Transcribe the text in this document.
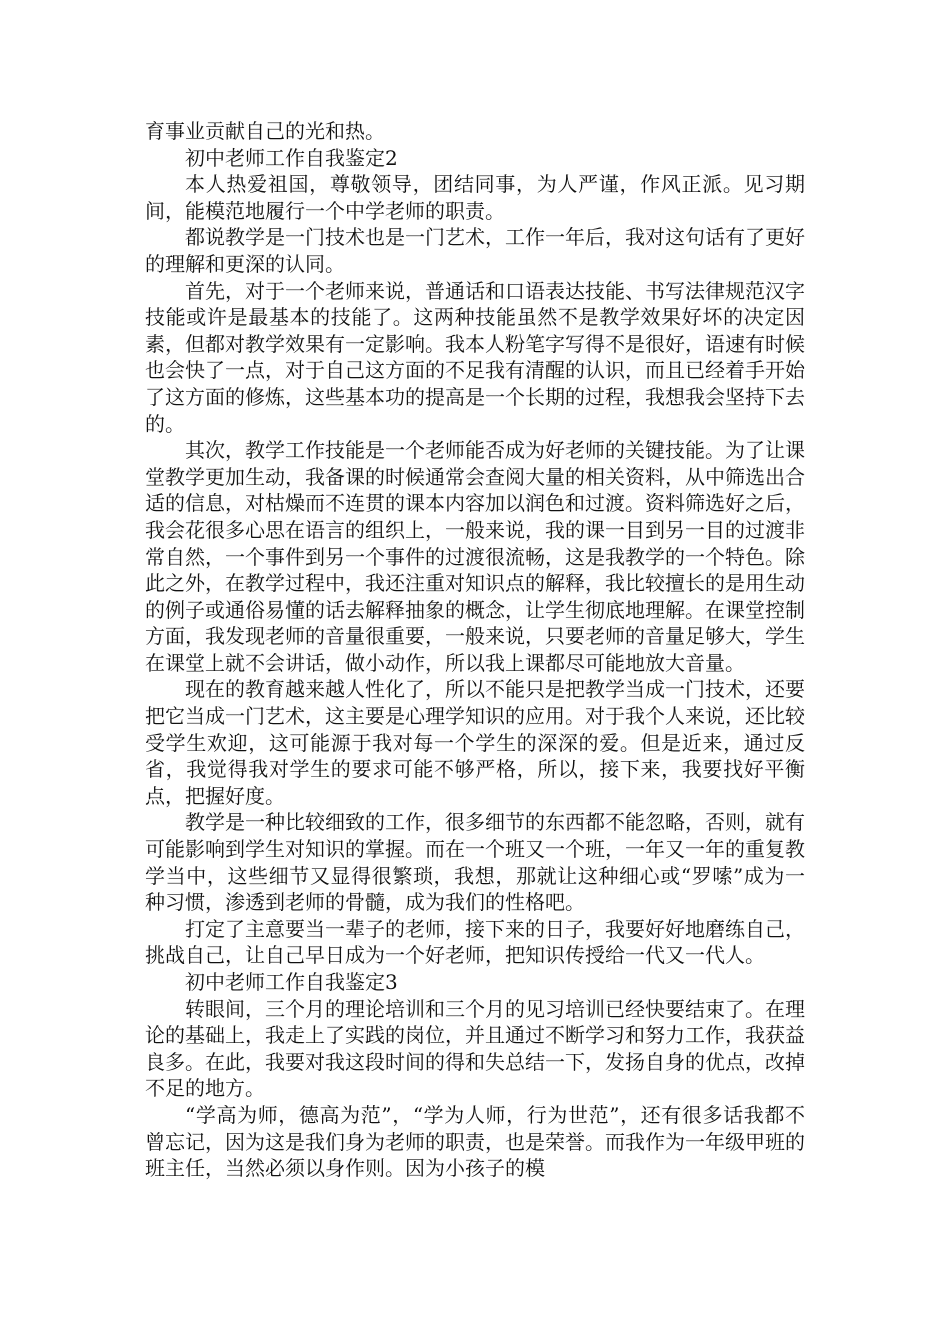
育事业贡献自己的光和热。

初中老师工作自我鉴定2

本人热爱祖国，尊敬领导，团结同事，为人严谨，作风正派。见习期间，能模范地履行一个中学老师的职责。

都说教学是一门技术也是一门艺术，工作一年后，我对这句话有了更好的理解和更深的认同。

首先，对于一个老师来说，普通话和口语表达技能、书写法律规范汉字技能或许是最基本的技能了。这两种技能虽然不是教学效果好坏的决定因素，但都对教学效果有一定影响。我本人粉笔字写得不是很好，语速有时候也会快了一点，对于自己这方面的不足我有清醒的认识，而且已经着手开始了这方面的修炼，这些基本功的提高是一个长期的过程，我想我会坚持下去的。

其次，教学工作技能是一个老师能否成为好老师的关键技能。为了让课堂教学更加生动，我备课的时候通常会查阅大量的相关资料，从中筛选出合适的信息，对枯燥而不连贯的课本内容加以润色和过渡。资料筛选好之后，我会花很多心思在语言的组织上，一般来说，我的课一目到另一目的过渡非常自然，一个事件到另一个事件的过渡很流畅，这是我教学的一个特色。除此之外，在教学过程中，我还注重对知识点的解释，我比较擅长的是用生动的例子或通俗易懂的话去解释抽象的概念，让学生彻底地理解。在课堂控制方面，我发现老师的音量很重要，一般来说，只要老师的音量足够大，学生在课堂上就不会讲话，做小动作，所以我上课都尽可能地放大音量。

现在的教育越来越人性化了，所以不能只是把教学当成一门技术，还要把它当成一门艺术，这主要是心理学知识的应用。对于我个人来说，还比较受学生欢迎，这可能源于我对每一个学生的深深的爱。但是近来，通过反省，我觉得我对学生的要求可能不够严格，所以，接下来，我要找好平衡点，把握好度。

教学是一种比较细致的工作，很多细节的东西都不能忽略，否则，就有可能影响到学生对知识的掌握。而在一个班又一个班，一年又一年的重复教学当中，这些细节又显得很繁琐，我想，那就让这种细心或“罗嗦”成为一种习惯，渗透到老师的骨髓，成为我们的性格吧。

打定了主意要当一辈子的老师，接下来的日子，我要好好地磨练自己，挑战自己，让自己早日成为一个好老师，把知识传授给一代又一代人。

初中老师工作自我鉴定3

转眼间，三个月的理论培训和三个月的见习培训已经快要结束了。在理论的基础上，我走上了实践的岗位，并且通过不断学习和努力工作，我获益良多。在此，我要对我这段时间的得和失总结一下，发扬自身的优点，改掉不足的地方。

“学高为师，德高为范”，“学为人师，行为世范”，还有很多话我都不曾忘记，因为这是我们身为老师的职责，也是荣誉。而我作为一年级甲班的班主任，当然必须以身作则。因为小孩子的模
